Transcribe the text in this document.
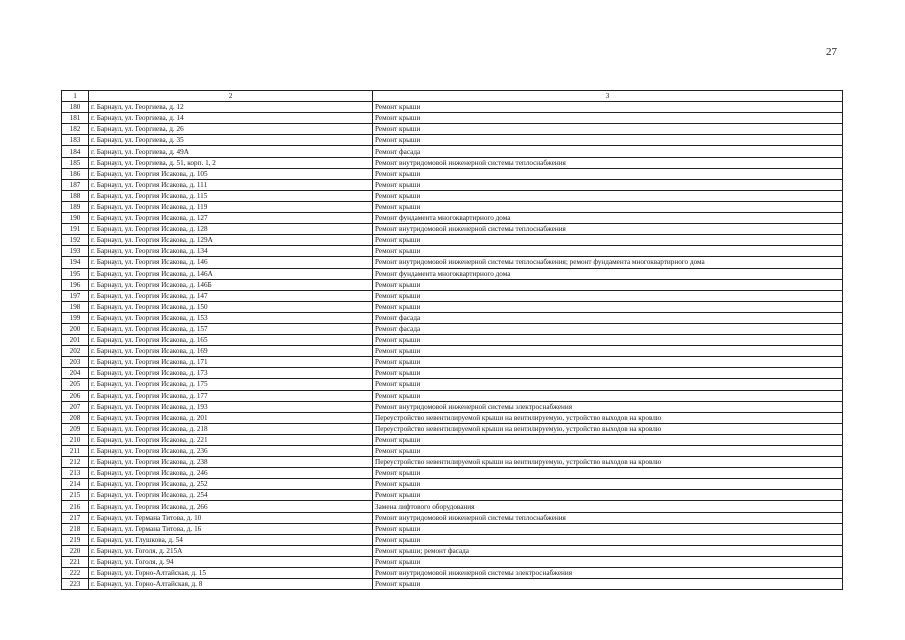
27
1	2	3
180	г. Барнаул, ул. Георгиева, д. 12	Ремонт крыши
181	г. Барнаул, ул. Георгиева, д. 14	Ремонт крыши
182	г. Барнаул, ул. Георгиева, д. 26	Ремонт крыши
183	г. Барнаул, ул. Георгиева, д. 35	Ремонт крыши
184	г. Барнаул, ул. Георгиева, д. 49А	Ремонт фасада
185	г. Барнаул, ул. Георгиева, д. 51, корп. 1, 2	Ремонт внутридомовой инженерной системы теплоснабжения
186	г. Барнаул, ул. Георгия Исакова, д. 105	Ремонт крыши
187	г. Барнаул, ул. Георгия Исакова, д. 111	Ремонт крыши
188	г. Барнаул, ул. Георгия Исакова, д. 115	Ремонт крыши
189	г. Барнаул, ул. Георгия Исакова, д. 119	Ремонт крыши
190	г. Барнаул, ул. Георгия Исакова, д. 127	Ремонт фундамента многоквартирного дома
191	г. Барнаул, ул. Георгия Исакова, д. 128	Ремонт внутридомовой инженерной системы теплоснабжения
192	г. Барнаул, ул. Георгия Исакова, д. 129А	Ремонт крыши
193	г. Барнаул, ул. Георгия Исакова, д. 134	Ремонт крыши
194	г. Барнаул, ул. Георгия Исакова, д. 146	Ремонт внутридомовой инженерной системы теплоснабжения; ремонт фундамента многоквартирного дома
195	г. Барнаул, ул. Георгия Исакова, д. 146А	Ремонт фундамента многоквартирного дома
196	г. Барнаул, ул. Георгия Исакова, д. 146Б	Ремонт крыши
197	г. Барнаул, ул. Георгия Исакова, д. 147	Ремонт крыши
198	г. Барнаул, ул. Георгия Исакова, д. 150	Ремонт крыши
199	г. Барнаул, ул. Георгия Исакова, д. 153	Ремонт фасада
200	г. Барнаул, ул. Георгия Исакова, д. 157	Ремонт фасада
201	г. Барнаул, ул. Георгия Исакова, д. 165	Ремонт крыши
202	г. Барнаул, ул. Георгия Исакова, д. 169	Ремонт крыши
203	г. Барнаул, ул. Георгия Исакова, д. 171	Ремонт крыши
204	г. Барнаул, ул. Георгия Исакова, д. 173	Ремонт крыши
205	г. Барнаул, ул. Георгия Исакова, д. 175	Ремонт крыши
206	г. Барнаул, ул. Георгия Исакова, д. 177	Ремонт крыши
207	г. Барнаул, ул. Георгия Исакова, д. 193	Ремонт внутридомовой инженерной системы электроснабжения
208	г. Барнаул, ул. Георгия Исакова, д. 201	Переустройство невентилируемой крыши на вентилируемую, устройство выходов на кровлю
209	г. Барнаул, ул. Георгия Исакова, д. 218	Переустройство невентилируемой крыши на вентилируемую, устройство выходов на кровлю
210	г. Барнаул, ул. Георгия Исакова, д. 221	Ремонт крыши
211	г. Барнаул, ул. Георгия Исакова, д. 236	Ремонт крыши
212	г. Барнаул, ул. Георгия Исакова, д. 238	Переустройство невентилируемой крыши на вентилируемую, устройство выходов на кровлю
213	г. Барнаул, ул. Георгия Исакова, д. 246	Ремонт крыши
214	г. Барнаул, ул. Георгия Исакова, д. 252	Ремонт крыши
215	г. Барнаул, ул. Георгия Исакова, д. 254	Ремонт крыши
216	г. Барнаул, ул. Георгия Исакова, д. 266	Замена лифтового оборудования
217	г. Барнаул, ул. Германа Титова, д. 10	Ремонт внутридомовой инженерной системы теплоснабжения
218	г. Барнаул, ул. Германа Титова, д. 16	Ремонт крыши
219	г. Барнаул, ул. Глушкова, д. 54	Ремонт крыши
220	г. Барнаул, ул. Гоголя, д. 215А	Ремонт крыши; ремонт фасада
221	г. Барнаул, ул. Гоголя, д. 94	Ремонт крыши
222	г. Барнаул, ул. Горно-Алтайская, д. 15	Ремонт внутридомовой инженерной системы электроснабжения
223	г. Барнаул, ул. Горно-Алтайская, д. 8	Ремонт крыши
